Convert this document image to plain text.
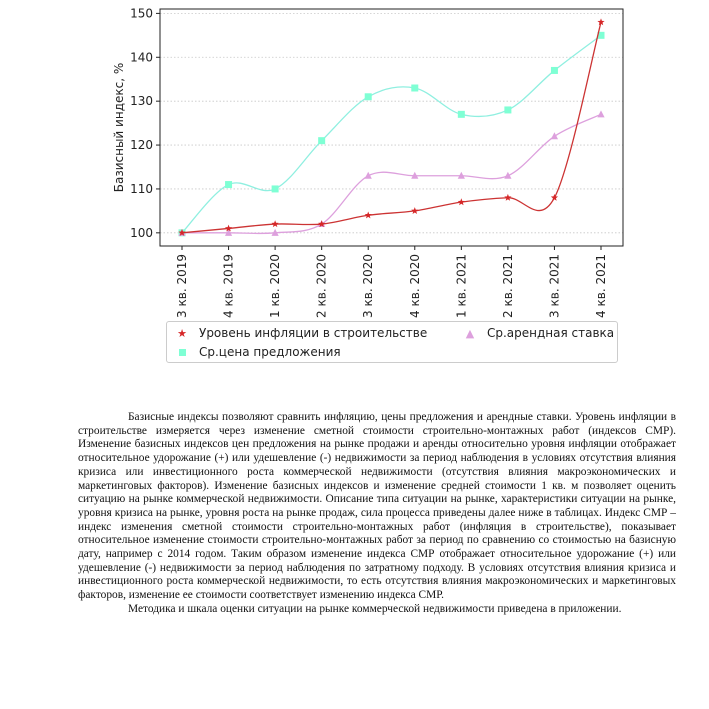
100
110
120
130
140
150
Базисный индекс, %
3 кв. 2019	4 кв. 2019	1 кв. 2020	2 кв. 2020	3 кв. 2020	4 кв. 2020	1 кв. 2021	2 кв. 2021	3 кв. 2021	4 кв. 2021
★ Уровень инфляции в строительстве	▲ Ср.арендная ставка
Ср.цена предложения

Базисные индексы позволяют сравнить инфляцию, цены предложения и арендные ставки. Уровень инфляции в строительстве измеряется через изменение сметной стоимости строительно-монтажных работ (индексов СМР). Изменение базисных индексов цен предложения на рынке продажи и аренды относительно уровня инфляции отображает относительное удорожание (+) или удешевление (-) недвижимости за период наблюдения в условиях отсутствия влияния кризиса или инвестиционного роста коммерческой недвижимости (отсутствия влияния макроэкономических и маркетинговых факторов). Изменение базисных индексов и изменение средней стоимости 1 кв. м позволяет оценить ситуацию на рынке коммерческой недвижимости. Описание типа ситуации на рынке, характеристики ситуации на рынке, уровня кризиса на рынке, уровня роста на рынке продаж, сила процесса приведены далее ниже в таблицах. Индекс СМР – индекс изменения сметной стоимости строительно-монтажных работ (инфляция в строительстве), показывает относительное изменение стоимости строительно-монтажных работ за период по сравнению со стоимостью на базисную дату, например с 2014 годом. Таким образом изменение индекса СМР отображает относительное удорожание (+) или удешевление (-) недвижимости за период наблюдения по затратному подходу. В условиях отсутствия влияния кризиса и инвестиционного роста коммерческой недвижимости, то есть отсутствия влияния макроэкономических и маркетинговых факторов, изменение ее стоимости соответствует изменению индекса СМР.

Методика и шкала оценки ситуации на рынке коммерческой недвижимости приведена в приложении.
